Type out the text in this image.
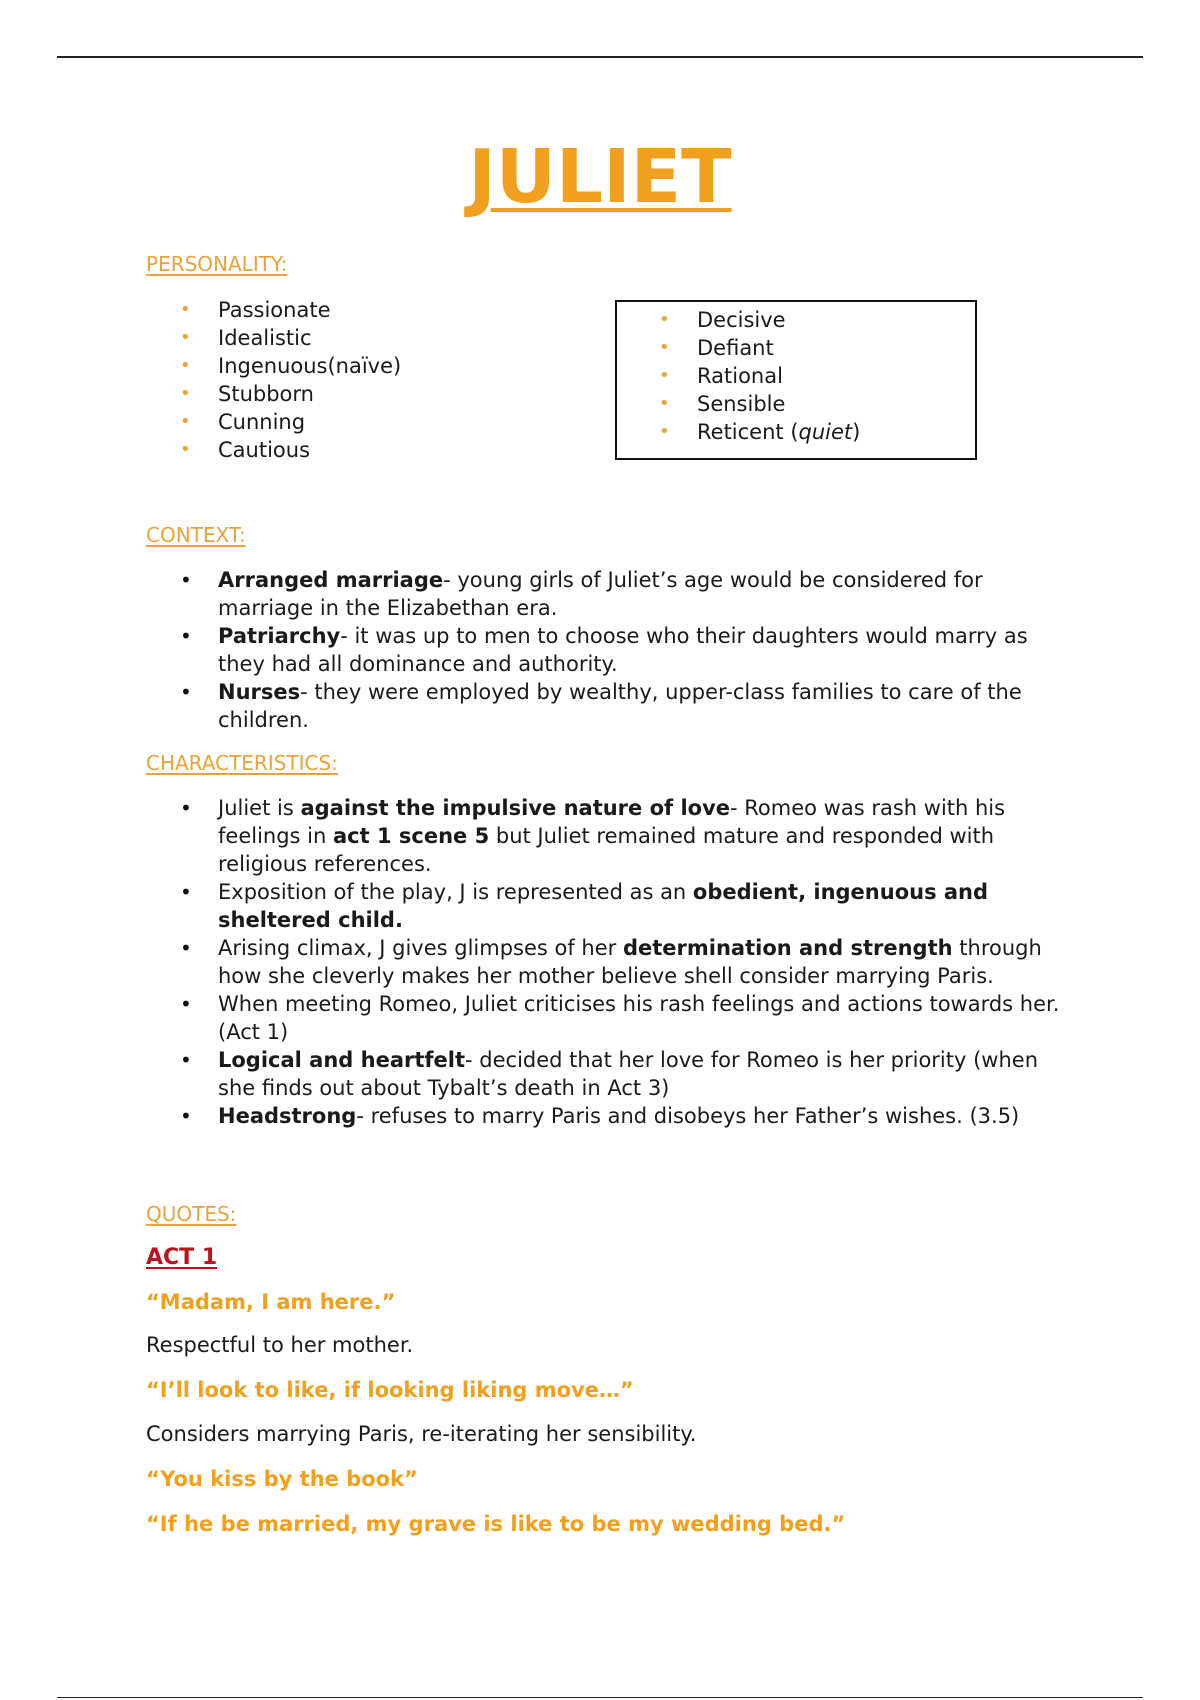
JULIET
PERSONALITY:
• Passionate
• Idealistic
• Ingenuous(naïve)
• Stubborn
• Cunning
• Cautious
• Decisive
• Defiant
• Rational
• Sensible
• Reticent (quiet)
CONTEXT:
• Arranged marriage- young girls of Juliet’s age would be considered for marriage in the Elizabethan era.
• Patriarchy- it was up to men to choose who their daughters would marry as they had all dominance and authority.
• Nurses- they were employed by wealthy, upper-class families to care of the children.
CHARACTERISTICS:
• Juliet is against the impulsive nature of love- Romeo was rash with his feelings in act 1 scene 5 but Juliet remained mature and responded with religious references.
• Exposition of the play, J is represented as an obedient, ingenuous and sheltered child.
• Arising climax, J gives glimpses of her determination and strength through how she cleverly makes her mother believe shell consider marrying Paris.
• When meeting Romeo, Juliet criticises his rash feelings and actions towards her. (Act 1)
• Logical and heartfelt- decided that her love for Romeo is her priority (when she finds out about Tybalt’s death in Act 3)
• Headstrong- refuses to marry Paris and disobeys her Father’s wishes. (3.5)
QUOTES:
ACT 1
“Madam, I am here.”
Respectful to her mother.
“I’ll look to like, if looking liking move…”
Considers marrying Paris, re-iterating her sensibility.
“You kiss by the book”
“If he be married, my grave is like to be my wedding bed.”
